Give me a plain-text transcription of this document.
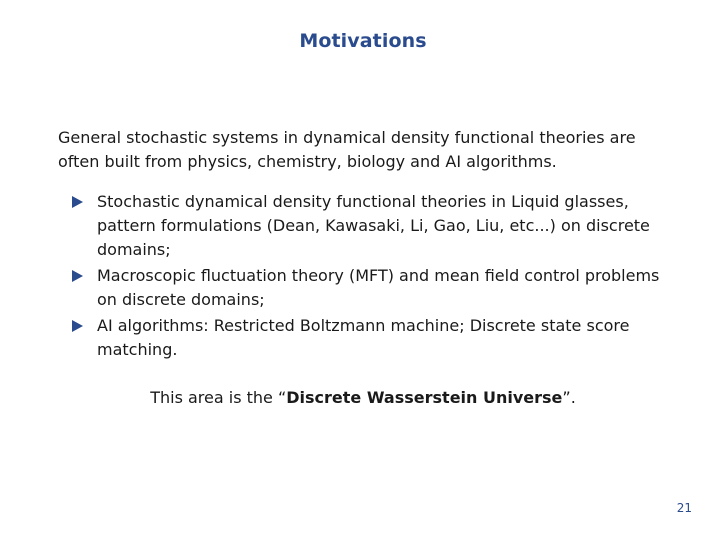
Motivations
General stochastic systems in dynamical density functional theories are often built from physics, chemistry, biology and AI algorithms.
Stochastic dynamical density functional theories in Liquid glasses, pattern formulations (Dean, Kawasaki, Li, Gao, Liu, etc...) on discrete domains;
Macroscopic fluctuation theory (MFT) and mean field control problems on discrete domains;
AI algorithms: Restricted Boltzmann machine; Discrete state score matching.
This area is the “Discrete Wasserstein Universe”.
21
